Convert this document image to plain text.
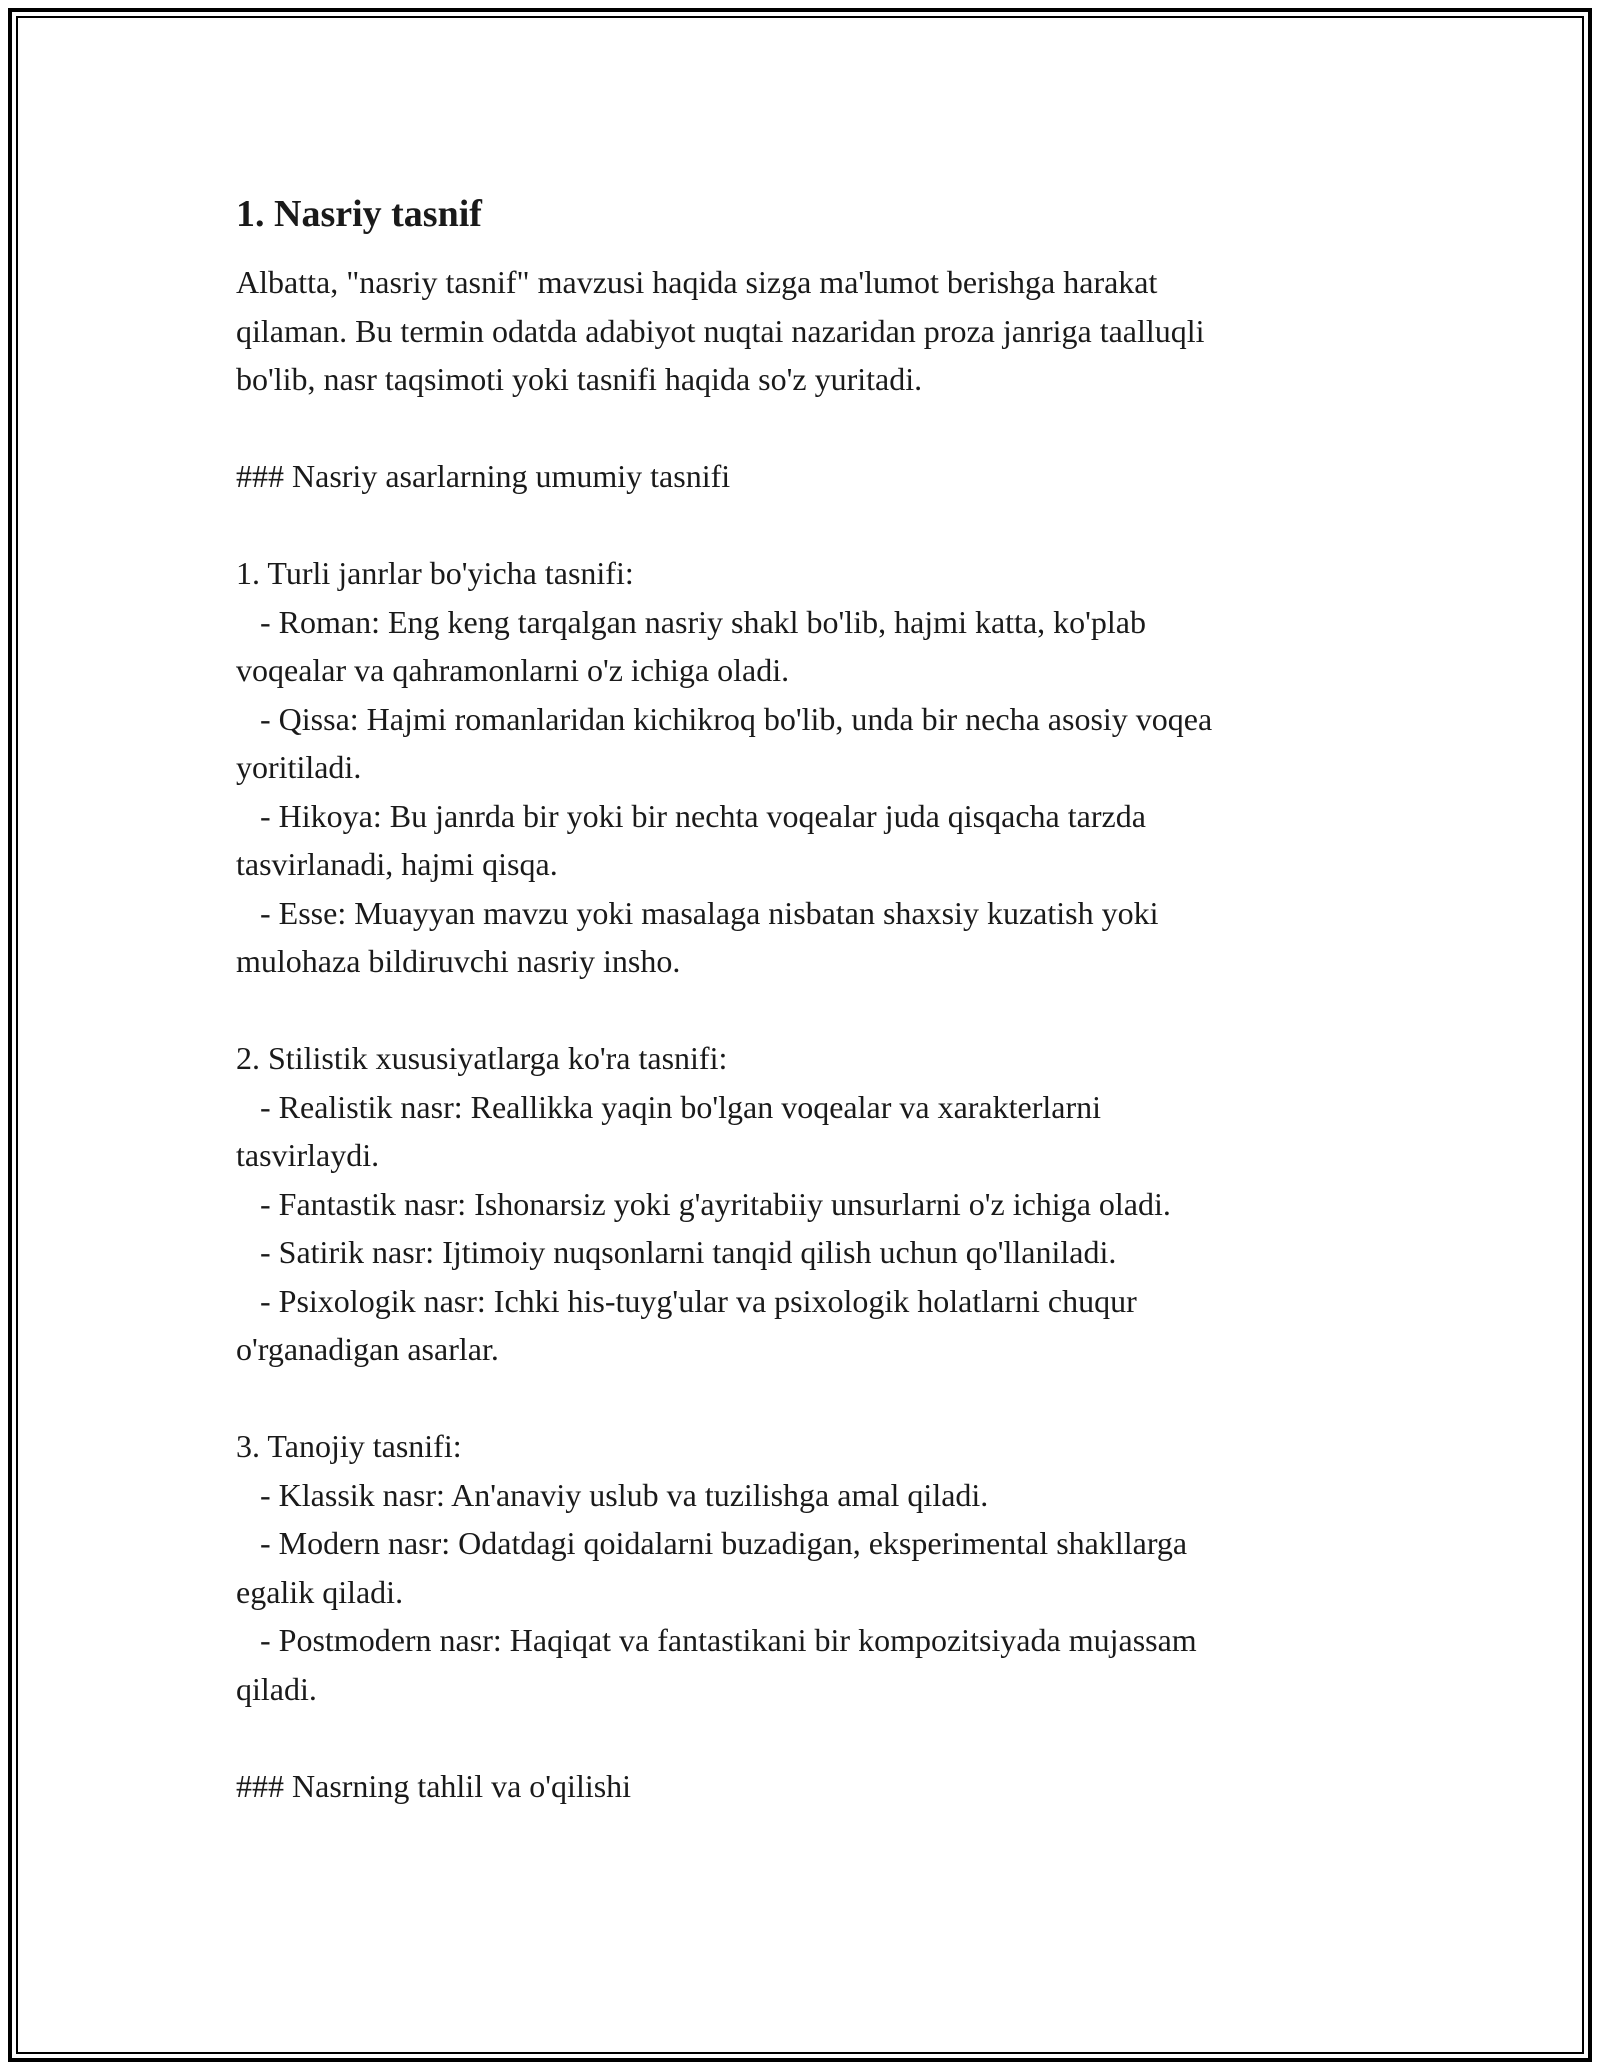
1. Nasriy tasnif

Albatta, "nasriy tasnif" mavzusi haqida sizga ma'lumot berishga harakat

qilaman. Bu termin odatda adabiyot nuqtai nazaridan proza janriga taalluqli

bo'lib, nasr taqsimoti yoki tasnifi haqida so'z yuritadi.

### Nasriy asarlarning umumiy tasnifi

1. Turli janrlar bo'yicha tasnifi:

- Roman: Eng keng tarqalgan nasriy shakl bo'lib, hajmi katta, ko'plab

voqealar va qahramonlarni o'z ichiga oladi.

- Qissa: Hajmi romanlaridan kichikroq bo'lib, unda bir necha asosiy voqea

yoritiladi.

- Hikoya: Bu janrda bir yoki bir nechta voqealar juda qisqacha tarzda

tasvirlanadi, hajmi qisqa.

- Esse: Muayyan mavzu yoki masalaga nisbatan shaxsiy kuzatish yoki

mulohaza bildiruvchi nasriy insho.

2. Stilistik xususiyatlarga ko'ra tasnifi:

- Realistik nasr: Reallikka yaqin bo'lgan voqealar va xarakterlarni

tasvirlaydi.

- Fantastik nasr: Ishonarsiz yoki g'ayritabiiy unsurlarni o'z ichiga oladi.

- Satirik nasr: Ijtimoiy nuqsonlarni tanqid qilish uchun qo'llaniladi.

- Psixologik nasr: Ichki his-tuyg'ular va psixologik holatlarni chuqur

o'rganadigan asarlar.

3. Tanojiy tasnifi:

- Klassik nasr: An'anaviy uslub va tuzilishga amal qiladi.

- Modern nasr: Odatdagi qoidalarni buzadigan, eksperimental shakllarga

egalik qiladi.

- Postmodern nasr: Haqiqat va fantastikani bir kompozitsiyada mujassam

qiladi.

### Nasrning tahlil va o'qilishi
